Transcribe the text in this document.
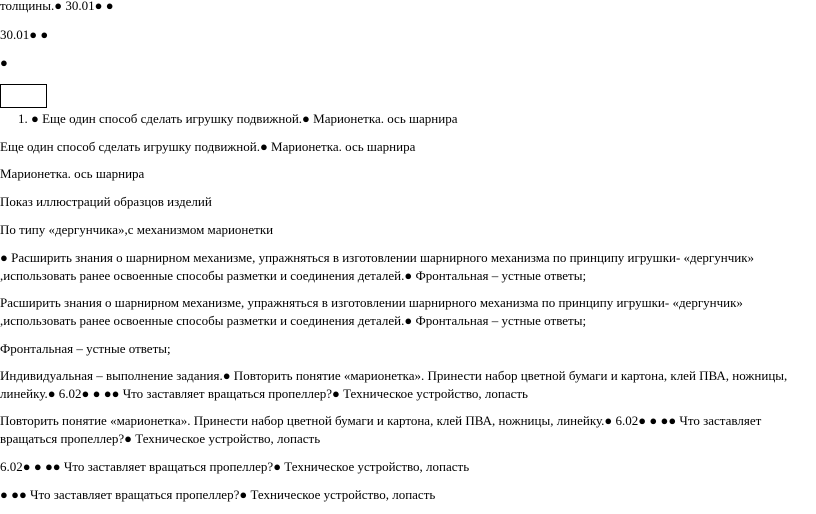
толщины.● 30.01● ●
30.01● ●
●
1. ● Еще один способ сделать игрушку подвижной.● Марионетка. ось шарнира
Еще один способ сделать игрушку подвижной.● Марионетка. ось шарнира
Марионетка. ось шарнира
Показ иллюстраций образцов изделий
По типу «дергунчика»,с механизмом марионетки
● Расширить знания о шарнирном механизме, упражняться в изготовлении шарнирного механизма по принципу игрушки- «дергунчик»
,использовать ранее освоенные способы разметки и соединения деталей.● Фронтальная – устные ответы;
Расширить знания о шарнирном механизме, упражняться в изготовлении шарнирного механизма по принципу игрушки- «дергунчик»
,использовать ранее освоенные способы разметки и соединения деталей.● Фронтальная – устные ответы;
Фронтальная – устные ответы;
Индивидуальная – выполнение задания.● Повторить понятие «марионетка». Принести набор цветной бумаги и картона, клей ПВА, ножницы,
линейку.● 6.02● ● ●● Что заставляет вращаться пропеллер?● Техническое устройство, лопасть
Повторить понятие «марионетка». Принести набор цветной бумаги и картона, клей ПВА, ножницы, линейку.● 6.02● ● ●● Что заставляет
вращаться пропеллер?● Техническое устройство, лопасть
6.02● ● ●● Что заставляет вращаться пропеллер?● Техническое устройство, лопасть
● ●● Что заставляет вращаться пропеллер?● Техническое устройство, лопасть
